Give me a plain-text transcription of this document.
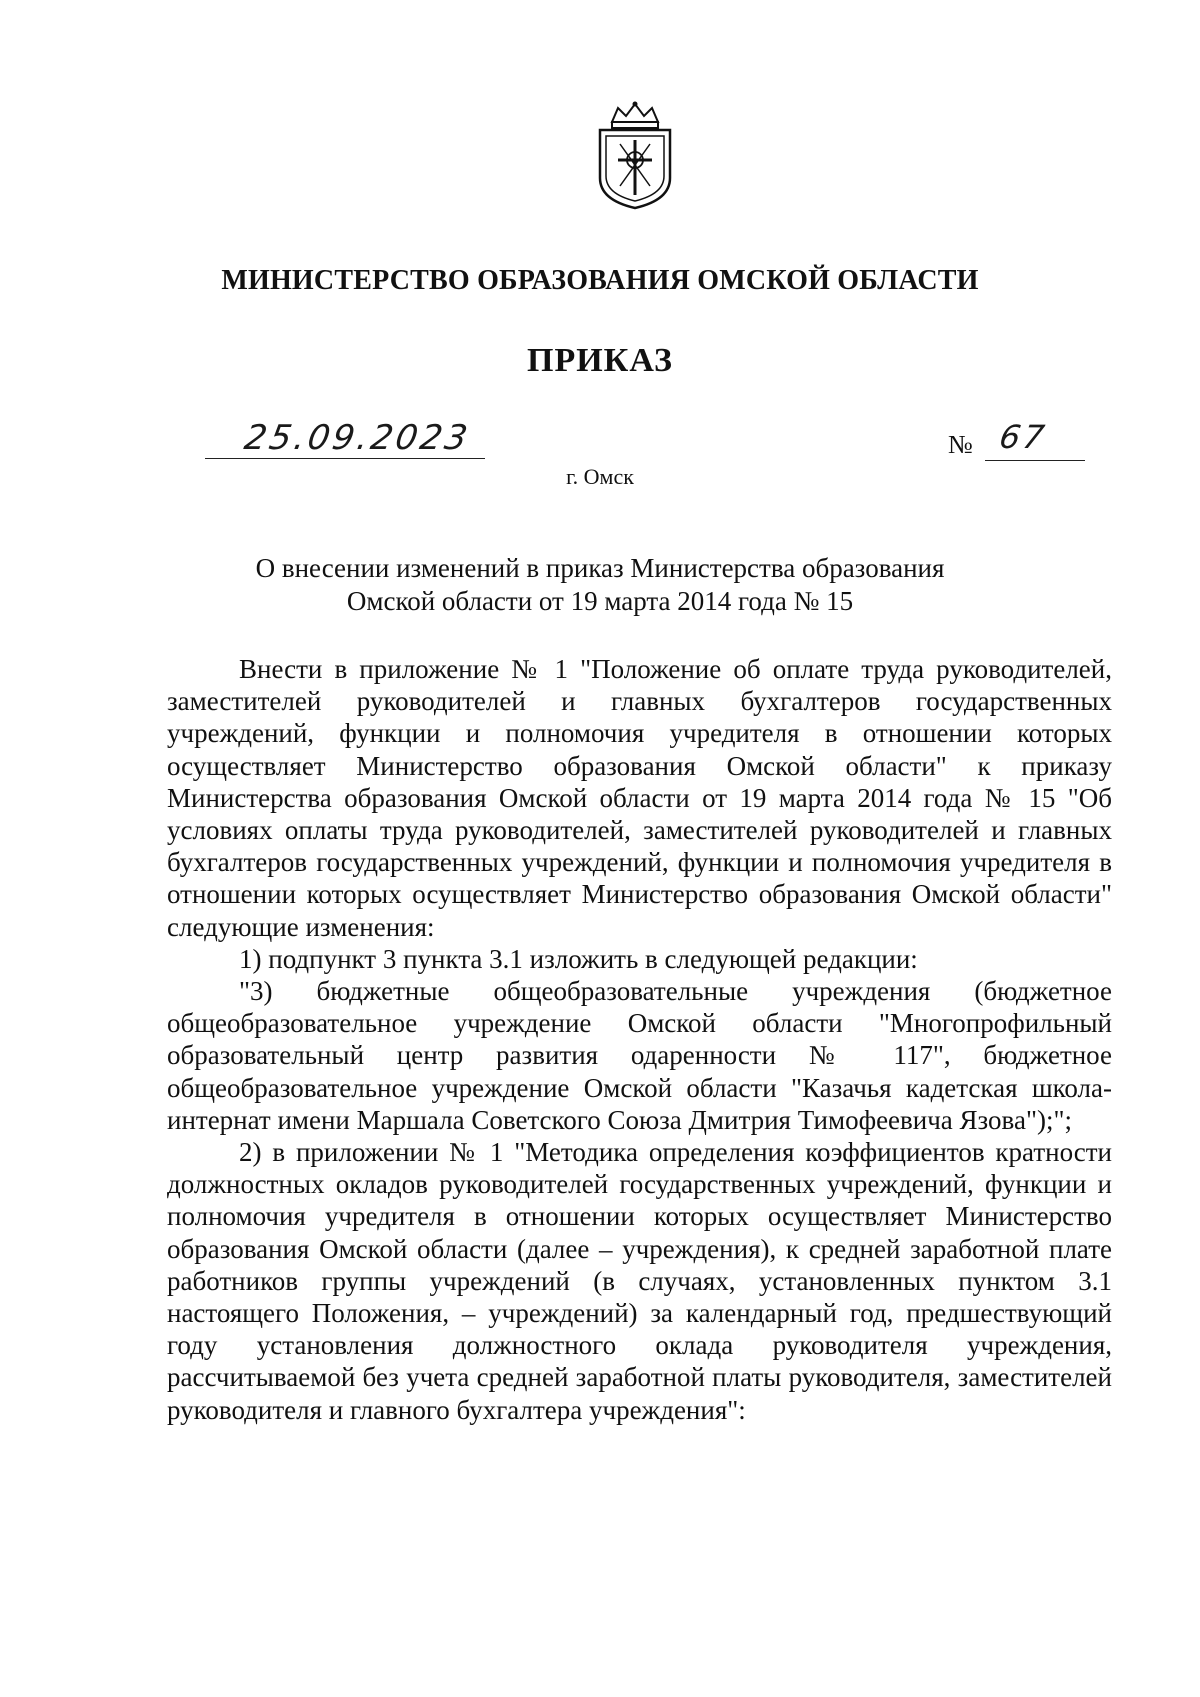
МИНИСТЕРСТВО ОБРАЗОВАНИЯ ОМСКОЙ ОБЛАСТИ
ПРИКАЗ
25.09.2023	№ 67
г. Омск
О внесении изменений в приказ Министерства образования
Омской области от 19 марта 2014 года № 15

Внести в приложение № 1 "Положение об оплате труда руководителей, заместителей руководителей и главных бухгалтеров государственных учреждений, функции и полномочия учредителя в отношении которых осуществляет Министерство образования Омской области" к приказу Министерства образования Омской области от 19 марта 2014 года № 15 "Об условиях оплаты труда руководителей, заместителей руководителей и главных бухгалтеров государственных учреждений, функции и полномочия учредителя в отношении которых осуществляет Министерство образования Омской области" следующие изменения:

1) подпункт 3 пункта 3.1 изложить в следующей редакции:

"3) бюджетные общеобразовательные учреждения (бюджетное общеобразовательное учреждение Омской области "Многопрофильный образовательный центр развития одаренности № 117", бюджетное общеобразовательное учреждение Омской области "Казачья кадетская школа-интернат имени Маршала Советского Союза Дмитрия Тимофеевича Язова");";

2) в приложении № 1 "Методика определения коэффициентов кратности должностных окладов руководителей государственных учреждений, функции и полномочия учредителя в отношении которых осуществляет Министерство образования Омской области (далее – учреждения), к средней заработной плате работников группы учреждений (в случаях, установленных пунктом 3.1 настоящего Положения, – учреждений) за календарный год, предшествующий году установления должностного оклада руководителя учреждения, рассчитываемой без учета средней заработной платы руководителя, заместителей руководителя и главного бухгалтера учреждения":
